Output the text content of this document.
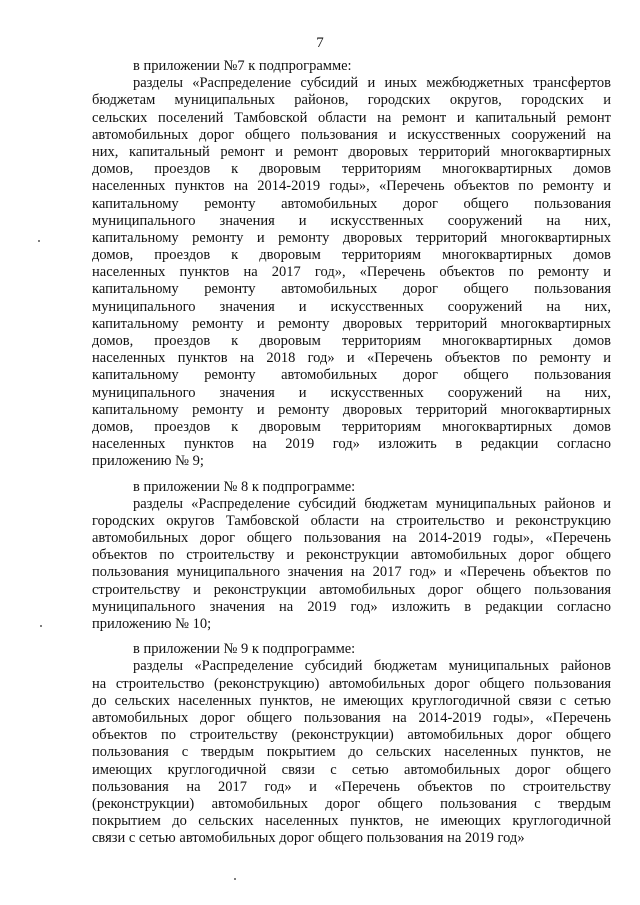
7
в приложении №7 к подпрограмме:
разделы «Распределение субсидий и иных межбюджетных трансфертов
бюджетам муниципальных районов, городских округов, городских и
сельских поселений Тамбовской области на ремонт и капитальный ремонт
автомобильных дорог общего пользования и искусственных сооружений на
них, капитальный ремонт и ремонт дворовых территорий многоквартирных
домов, проездов к дворовым территориям многоквартирных домов
населенных пунктов на 2014-2019 годы», «Перечень объектов по ремонту и
капитальному ремонту автомобильных дорог общего пользования
муниципального значения и искусственных сооружений на них,
капитальному ремонту и ремонту дворовых территорий многоквартирных
домов, проездов к дворовым территориям многоквартирных домов
населенных пунктов на 2017 год», «Перечень объектов по ремонту и
капитальному ремонту автомобильных дорог общего пользования
муниципального значения и искусственных сооружений на них,
капитальному ремонту и ремонту дворовых территорий многоквартирных
домов, проездов к дворовым территориям многоквартирных домов
населенных пунктов на 2018 год» и «Перечень объектов по ремонту и
капитальному ремонту автомобильных дорог общего пользования
муниципального значения и искусственных сооружений на них,
капитальному ремонту и ремонту дворовых территорий многоквартирных
домов, проездов к дворовым территориям многоквартирных домов
населенных пунктов на 2019 год» изложить в редакции согласно
приложению № 9;
в приложении № 8 к подпрограмме:
разделы «Распределение субсидий бюджетам муниципальных районов и
городских округов Тамбовской области на строительство и реконструкцию
автомобильных дорог общего пользования на 2014-2019 годы», «Перечень
объектов по строительству и реконструкции автомобильных дорог общего
пользования муниципального значения на 2017 год» и «Перечень объектов по
строительству и реконструкции автомобильных дорог общего пользования
муниципального значения на 2019 год» изложить в редакции согласно
приложению № 10;
в приложении № 9 к подпрограмме:
разделы «Распределение субсидий бюджетам муниципальных районов
на строительство (реконструкцию) автомобильных дорог общего пользования
до сельских населенных пунктов, не имеющих круглогодичной связи с сетью
автомобильных дорог общего пользования на 2014-2019 годы», «Перечень
объектов по строительству (реконструкции) автомобильных дорог общего
пользования с твердым покрытием до сельских населенных пунктов, не
имеющих круглогодичной связи с сетью автомобильных дорог общего
пользования на 2017 год» и «Перечень объектов по строительству
(реконструкции) автомобильных дорог общего пользования с твердым
покрытием до сельских населенных пунктов, не имеющих круглогодичной
связи с сетью автомобильных дорог общего пользования на 2019 год»
